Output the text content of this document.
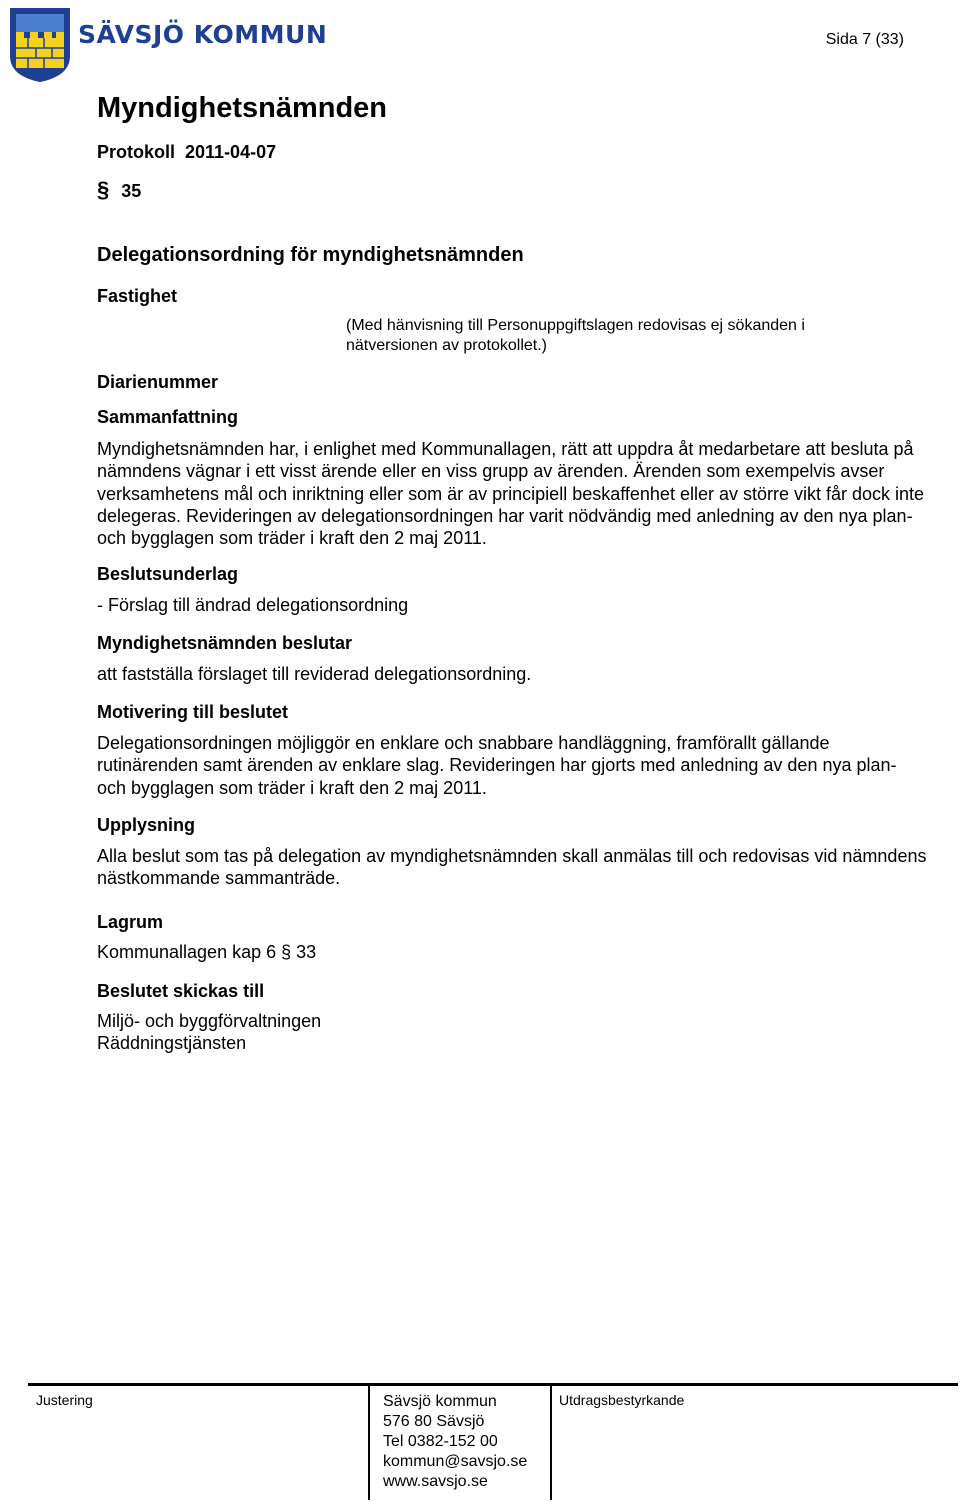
SÄVSJÖ KOMMUN	Sida 7 (33)
Myndighetsnämnden
Protokoll 2011-04-07
§ 35
Delegationsordning för myndighetsnämnden
Fastighet
(Med hänvisning till Personuppgiftslagen redovisas ej sökanden i nätversionen av protokollet.)
Diarienummer
Sammanfattning
Myndighetsnämnden har, i enlighet med Kommunallagen, rätt att uppdra åt medarbetare att besluta på nämndens vägnar i ett visst ärende eller en viss grupp av ärenden. Ärenden som exempelvis avser verksamhetens mål och inriktning eller som är av principiell beskaffenhet eller av större vikt får dock inte delegeras. Revideringen av delegationsordningen har varit nödvändig med anledning av den nya plan- och bygglagen som träder i kraft den 2 maj 2011.
Beslutsunderlag
- Förslag till ändrad delegationsordning
Myndighetsnämnden beslutar
att fastställa förslaget till reviderad delegationsordning.
Motivering till beslutet
Delegationsordningen möjliggör en enklare och snabbare handläggning, framförallt gällande rutinärenden samt ärenden av enklare slag. Revideringen har gjorts med anledning av den nya plan- och bygglagen som träder i kraft den 2 maj 2011.
Upplysning
Alla beslut som tas på delegation av myndighetsnämnden skall anmälas till och redovisas vid nämndens nästkommande sammanträde.
Lagrum
Kommunallagen kap 6 § 33
Beslutet skickas till
Miljö- och byggförvaltningen
Räddningstjänsten
Justering	Sävsjö kommun
576 80 Sävsjö
Tel 0382-152 00
kommun@savsjo.se
www.savsjo.se
Utdragsbestyrkande
